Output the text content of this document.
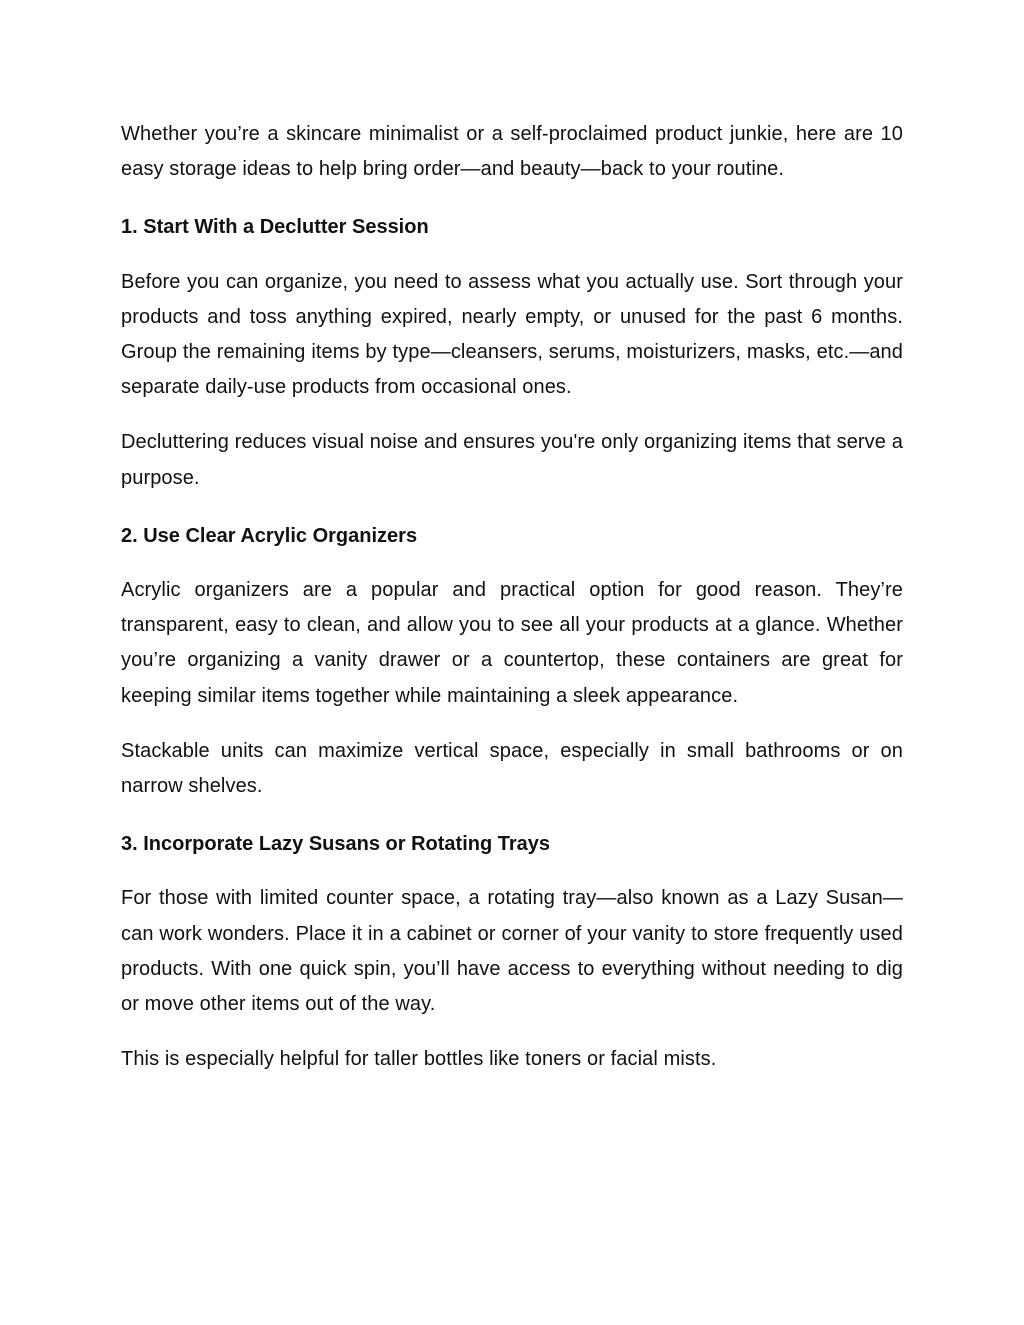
Whether you’re a skincare minimalist or a self-proclaimed product junkie, here are 10 easy storage ideas to help bring order—and beauty—back to your routine.

1. Start With a Declutter Session

Before you can organize, you need to assess what you actually use. Sort through your products and toss anything expired, nearly empty, or unused for the past 6 months. Group the remaining items by type—cleansers, serums, moisturizers, masks, etc.—and separate daily-use products from occasional ones.

Decluttering reduces visual noise and ensures you're only organizing items that serve a purpose.

2. Use Clear Acrylic Organizers

Acrylic organizers are a popular and practical option for good reason. They’re transparent, easy to clean, and allow you to see all your products at a glance. Whether you’re organizing a vanity drawer or a countertop, these containers are great for keeping similar items together while maintaining a sleek appearance.

Stackable units can maximize vertical space, especially in small bathrooms or on narrow shelves.

3. Incorporate Lazy Susans or Rotating Trays

For those with limited counter space, a rotating tray—also known as a Lazy Susan—can work wonders. Place it in a cabinet or corner of your vanity to store frequently used products. With one quick spin, you’ll have access to everything without needing to dig or move other items out of the way.

This is especially helpful for taller bottles like toners or facial mists.
